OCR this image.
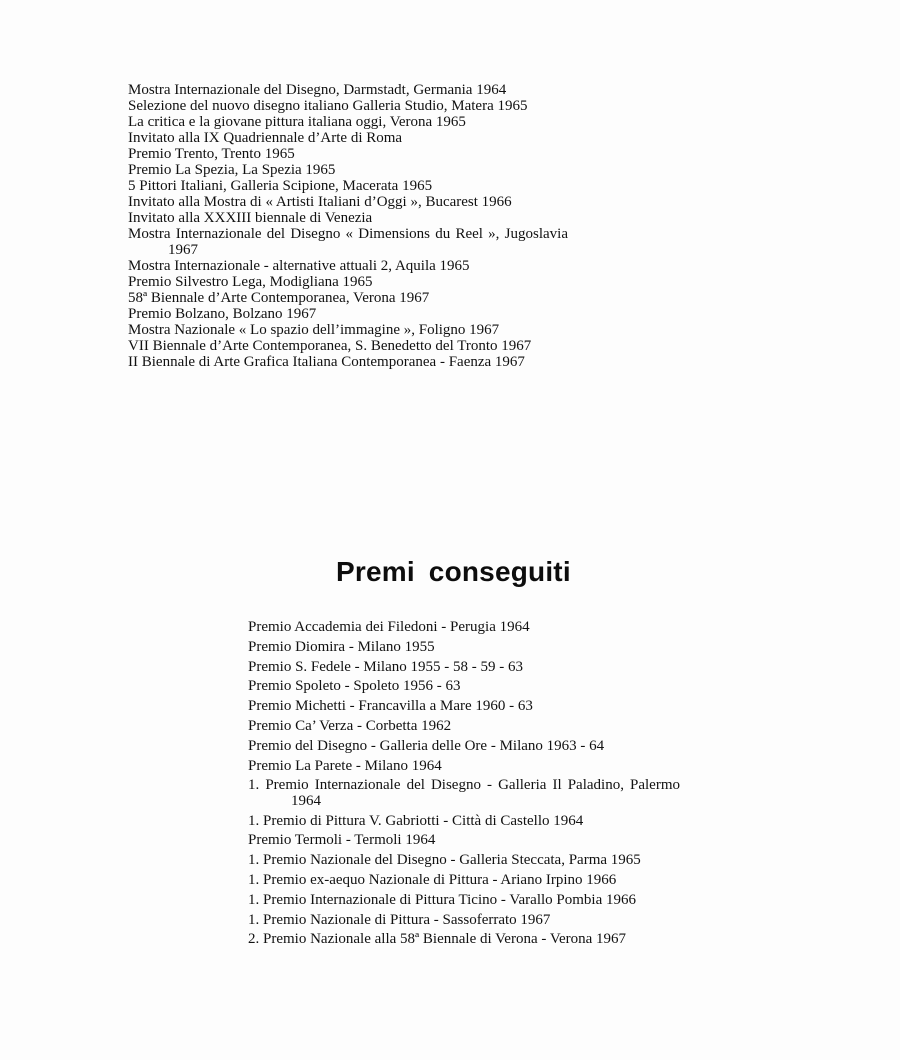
Mostra Internazionale del Disegno, Darmstadt, Germania 1964
Selezione del nuovo disegno italiano Galleria Studio, Matera 1965
La critica e la giovane pittura italiana oggi, Verona 1965
Invitato alla IX Quadriennale d’Arte di Roma
Premio Trento, Trento 1965
Premio La Spezia, La Spezia 1965
5 Pittori Italiani, Galleria Scipione, Macerata 1965
Invitato alla Mostra di « Artisti Italiani d’Oggi », Bucarest 1966
Invitato alla XXXIII biennale di Venezia
Mostra Internazionale del Disegno « Dimensions du Reel », Jugoslavia 1967
Mostra Internazionale - alternative attuali 2, Aquila 1965
Premio Silvestro Lega, Modigliana 1965
58ª Biennale d’Arte Contemporanea, Verona 1967
Premio Bolzano, Bolzano 1967
Mostra Nazionale « Lo spazio dell’immagine », Foligno 1967
VII Biennale d’Arte Contemporanea, S. Benedetto del Tronto 1967
II Biennale di Arte Grafica Italiana Contemporanea - Faenza 1967
Premi conseguiti
Premio Accademia dei Filedoni - Perugia 1964
Premio Diomira - Milano 1955
Premio S. Fedele - Milano 1955 - 58 - 59 - 63
Premio Spoleto - Spoleto 1956 - 63
Premio Michetti - Francavilla a Mare 1960 - 63
Premio Ca’ Verza - Corbetta 1962
Premio del Disegno - Galleria delle Ore - Milano 1963 - 64
Premio La Parete - Milano 1964
1. Premio Internazionale del Disegno - Galleria Il Paladino, Palermo 1964
1. Premio di Pittura V. Gabriotti - Città di Castello 1964
Premio Termoli - Termoli 1964
1. Premio Nazionale del Disegno - Galleria Steccata, Parma 1965
1. Premio ex-aequo Nazionale di Pittura - Ariano Irpino 1966
1. Premio Internazionale di Pittura Ticino - Varallo Pombia 1966
1. Premio Nazionale di Pittura - Sassoferrato 1967
2. Premio Nazionale alla 58ª Biennale di Verona - Verona 1967
